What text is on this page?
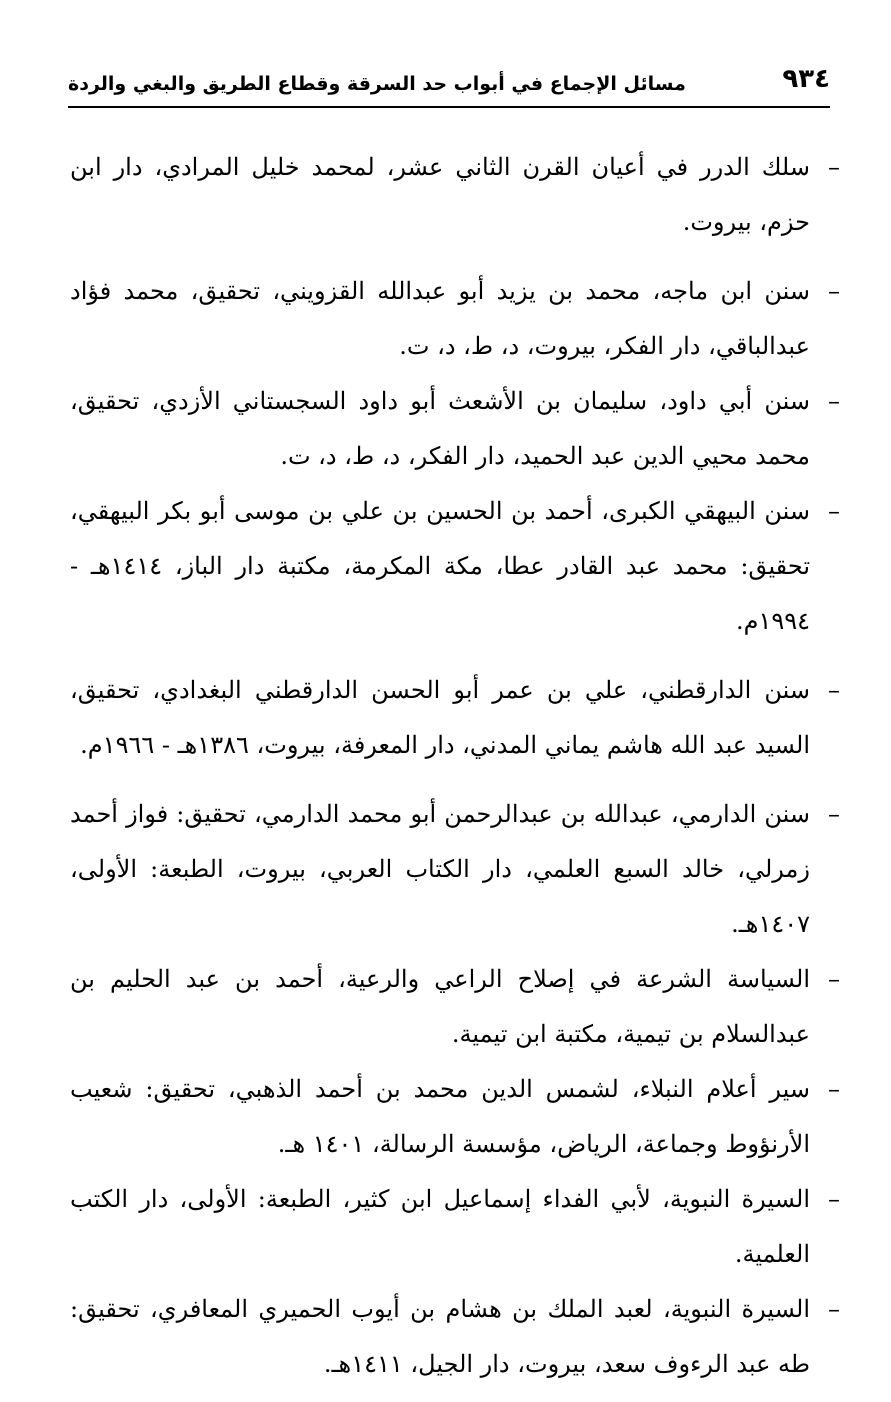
٩٣٤
مسائل الإجماع في أبواب حد السرقة وقطاع الطريق والبغي والردة
–
سلك الدرر في أعيان القرن الثاني عشر، لمحمد خليل المرادي، دار ابن حزم، بيروت.
–
سنن ابن ماجه، محمد بن يزيد أبو عبدالله القزويني، تحقيق، محمد فؤاد عبدالباقي، دار الفكر، بيروت، د، ط، د، ت.
–
سنن أبي داود، سليمان بن الأشعث أبو داود السجستاني الأزدي، تحقيق، محمد محيي الدين عبد الحميد، دار الفكر، د، ط، د، ت.
–
سنن البيهقي الكبرى، أحمد بن الحسين بن علي بن موسى أبو بكر البيهقي، تحقيق: محمد عبد القادر عطا، مكة المكرمة، مكتبة دار الباز، ١٤١٤هـ - ١٩٩٤م.
–
سنن الدارقطني، علي بن عمر أبو الحسن الدارقطني البغدادي، تحقيق، السيد عبد الله هاشم يماني المدني، دار المعرفة، بيروت، ١٣٨٦هـ - ١٩٦٦م.
–
سنن الدارمي، عبدالله بن عبدالرحمن أبو محمد الدارمي، تحقيق: فواز أحمد زمرلي، خالد السبع العلمي، دار الكتاب العربي، بيروت، الطبعة: الأولى، ١٤٠٧هـ.
–
السياسة الشرعة في إصلاح الراعي والرعية، أحمد بن عبد الحليم بن عبدالسلام بن تيمية، مكتبة ابن تيمية.
–
سير أعلام النبلاء، لشمس الدين محمد بن أحمد الذهبي، تحقيق: شعيب الأرنؤوط وجماعة، الرياض، مؤسسة الرسالة، ١٤٠١ هـ.
–
السيرة النبوية، لأبي الفداء إسماعيل ابن كثير، الطبعة: الأولى، دار الكتب العلمية.
–
السيرة النبوية، لعبد الملك بن هشام بن أيوب الحميري المعافري، تحقيق: طه عبد الرءوف سعد، بيروت، دار الجيل، ١٤١١هـ.
